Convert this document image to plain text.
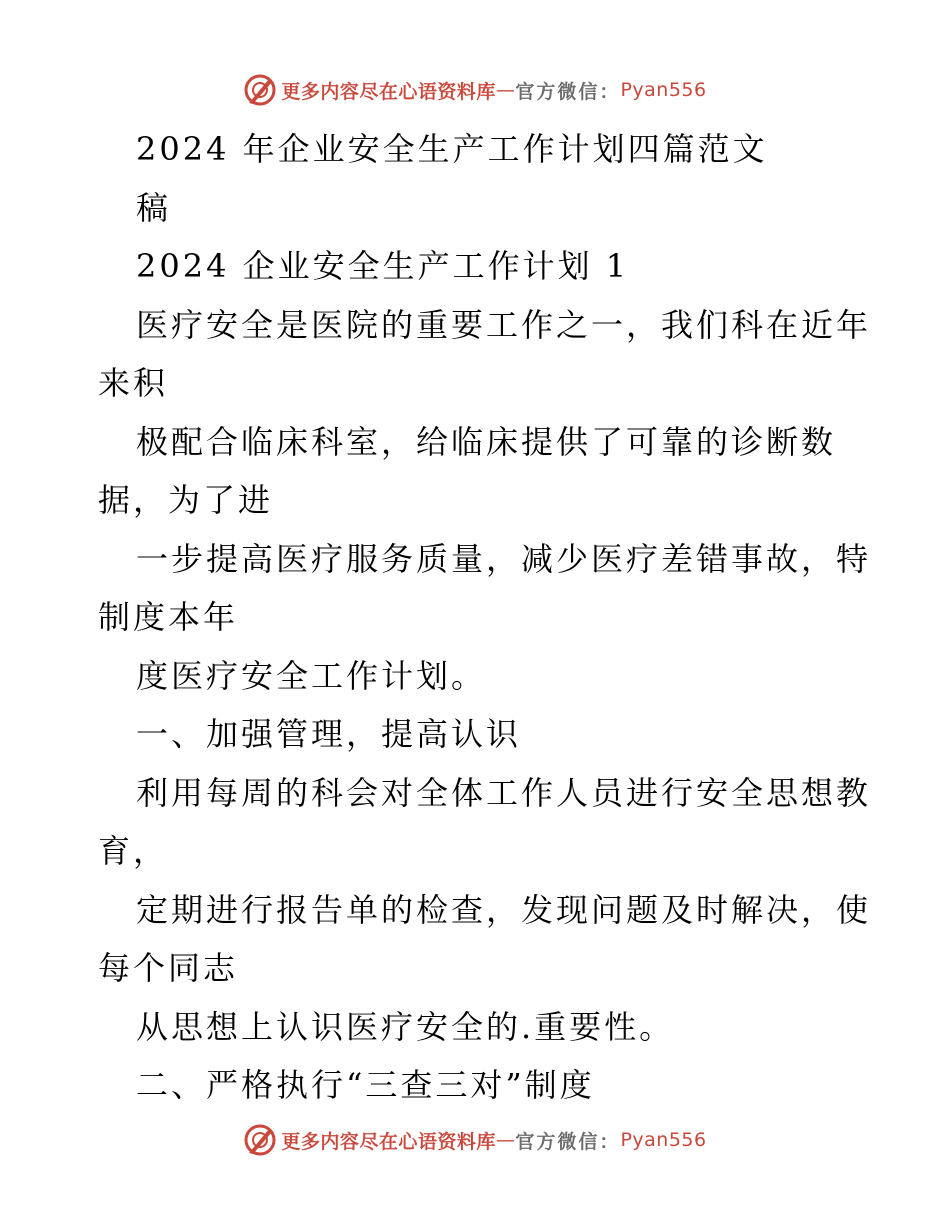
更多内容尽在心语资料库 — 官方微信： Pyan556
2024 年企业安全生产工作计划四篇范文
稿
2024 企业安全生产工作计划 1
医疗安全是医院的重要工作之一，我们科在近年
来积
极配合临床科室，给临床提供了可靠的诊断数
据，为了进
一步提高医疗服务质量，减少医疗差错事故，特
制度本年
度医疗安全工作计划。
一、加强管理，提高认识
利用每周的科会对全体工作人员进行安全思想教
育，
定期进行报告单的检查，发现问题及时解决，使
每个同志
从思想上认识医疗安全的.重要性。
二、严格执行“三查三对”制度
更多内容尽在心语资料库 — 官方微信： Pyan556
